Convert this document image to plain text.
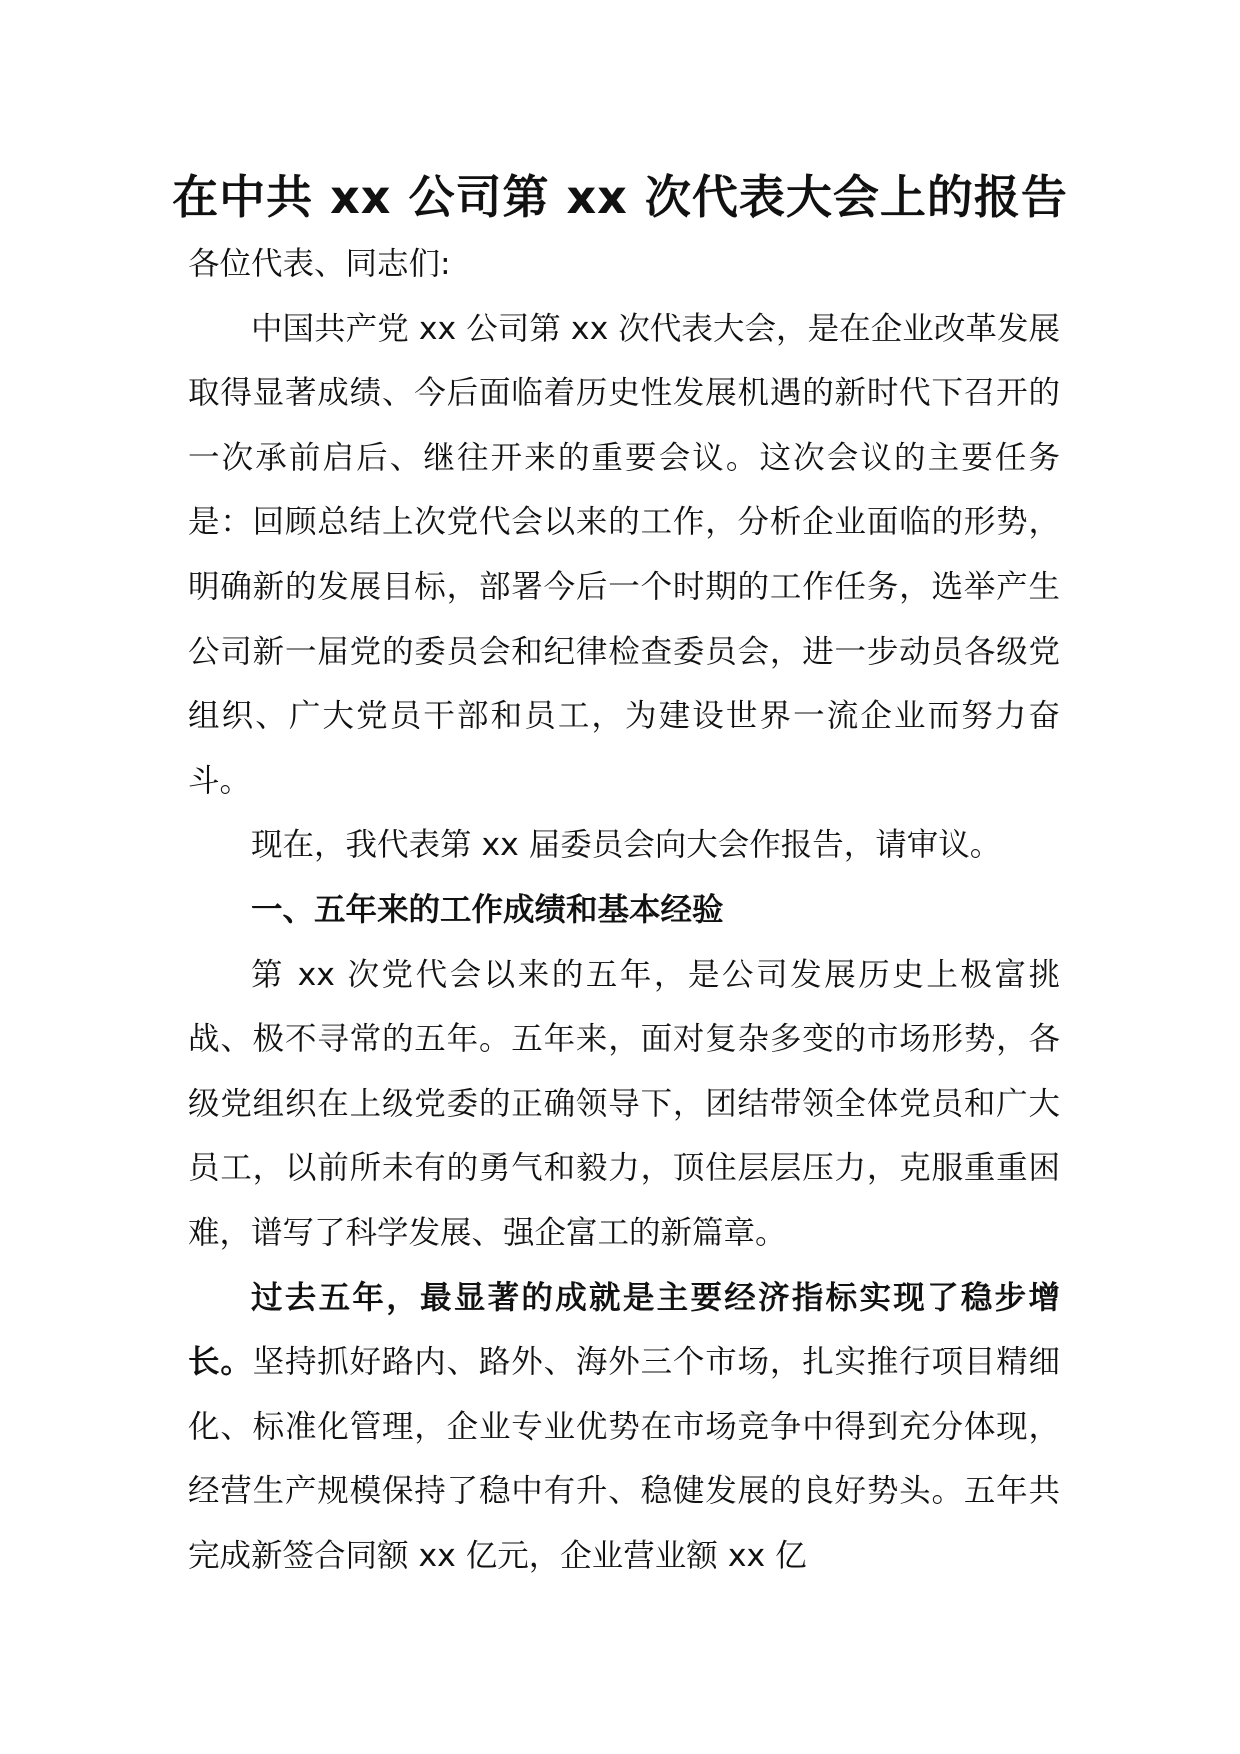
在中共 xx 公司第 xx 次代表大会上的报告

各位代表、同志们:

中国共产党 xx 公司第 xx 次代表大会，是在企业改革发展取得显著成绩、今后面临着历史性发展机遇的新时代下召开的一次承前启后、继往开来的重要会议。这次会议的主要任务是：回顾总结上次党代会以来的工作，分析企业面临的形势，明确新的发展目标，部署今后一个时期的工作任务，选举产生公司新一届党的委员会和纪律检查委员会，进一步动员各级党组织、广大党员干部和员工，为建设世界一流企业而努力奋斗。

现在，我代表第 xx 届委员会向大会作报告，请审议。

一、五年来的工作成绩和基本经验

第 xx 次党代会以来的五年，是公司发展历史上极富挑战、极不寻常的五年。五年来，面对复杂多变的市场形势，各级党组织在上级党委的正确领导下，团结带领全体党员和广大员工，以前所未有的勇气和毅力，顶住层层压力，克服重重困难，谱写了科学发展、强企富工的新篇章。

过去五年，最显著的成就是主要经济指标实现了稳步增长。坚持抓好路内、路外、海外三个市场，扎实推行项目精细化、标准化管理，企业专业优势在市场竞争中得到充分体现，经营生产规模保持了稳中有升、稳健发展的良好势头。五年共完成新签合同额 xx 亿元，企业营业额 xx 亿
